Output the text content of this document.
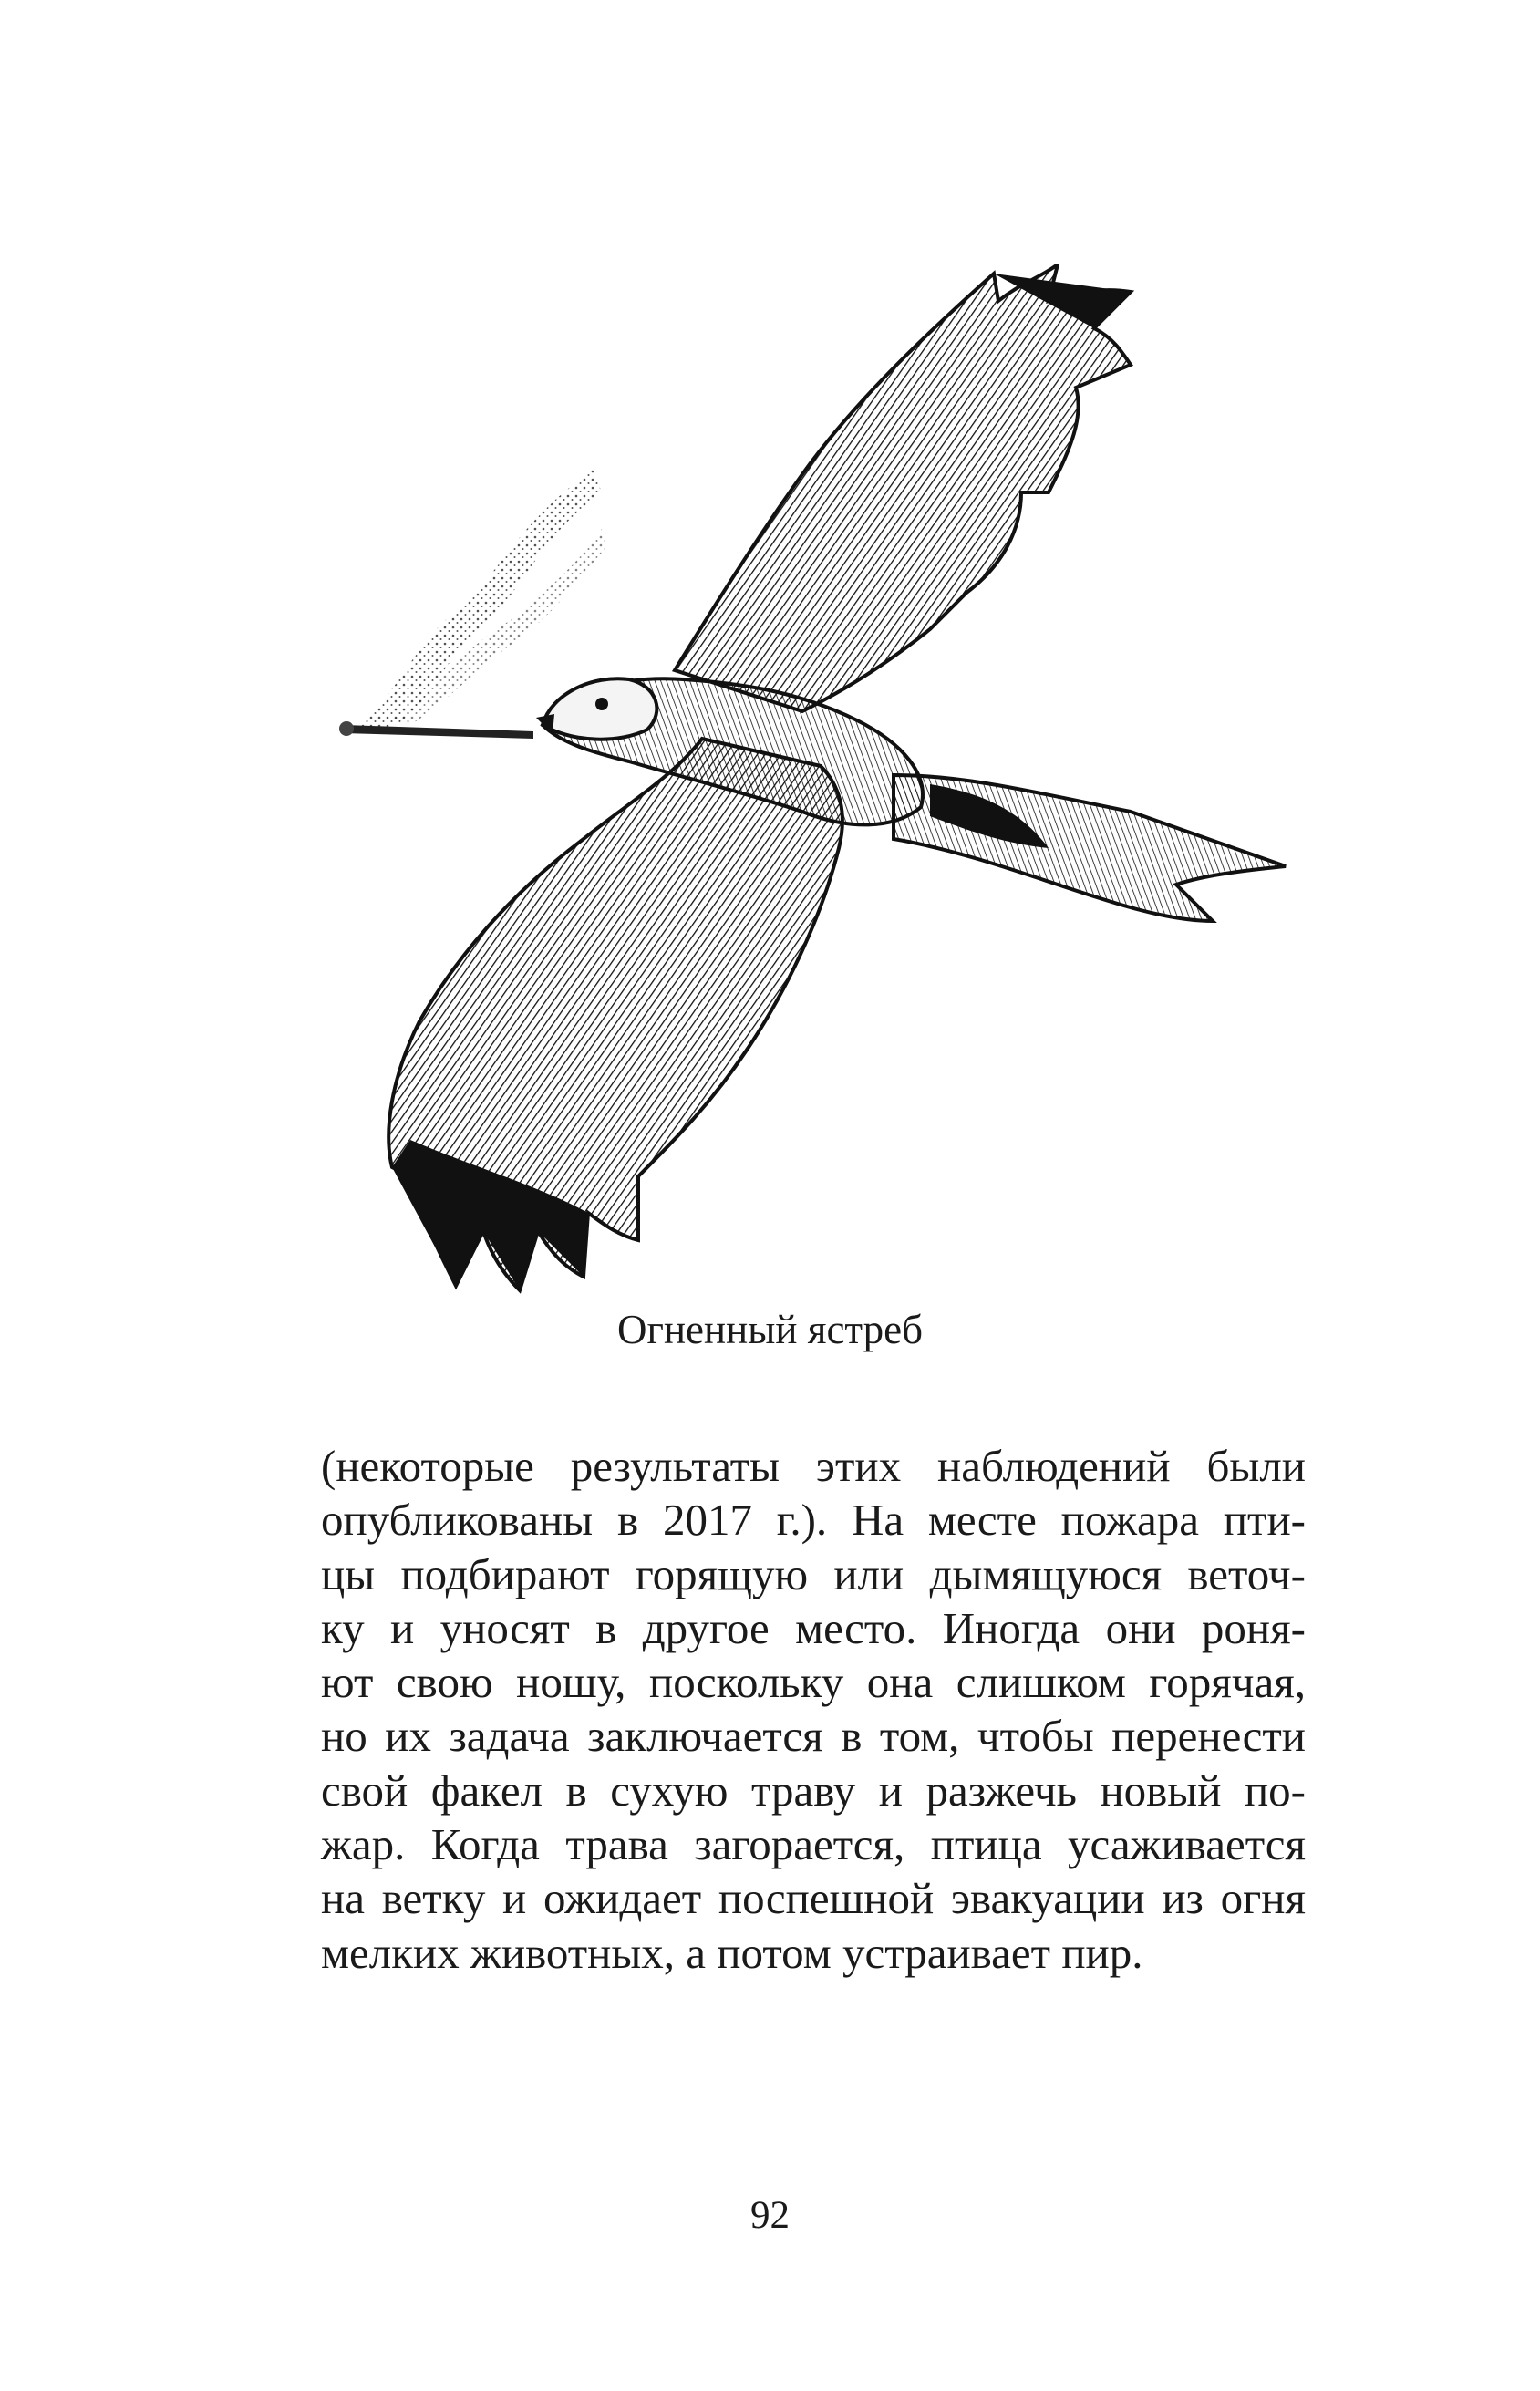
Огненный ястреб
(некоторые результаты этих наблюдений были
опубликованы в 2017 г.). На месте пожара пти-
цы подбирают горящую или дымящуюся веточ-
ку и уносят в другое место. Иногда они роня-
ют свою ношу, поскольку она слишком горячая,
но их задача заключается в том, чтобы перенести
свой факел в сухую траву и разжечь новый по-
жар. Когда трава загорается, птица усаживается
на ветку и ожидает поспешной эвакуации из огня
мелких животных, а потом устраивает пир.
92
